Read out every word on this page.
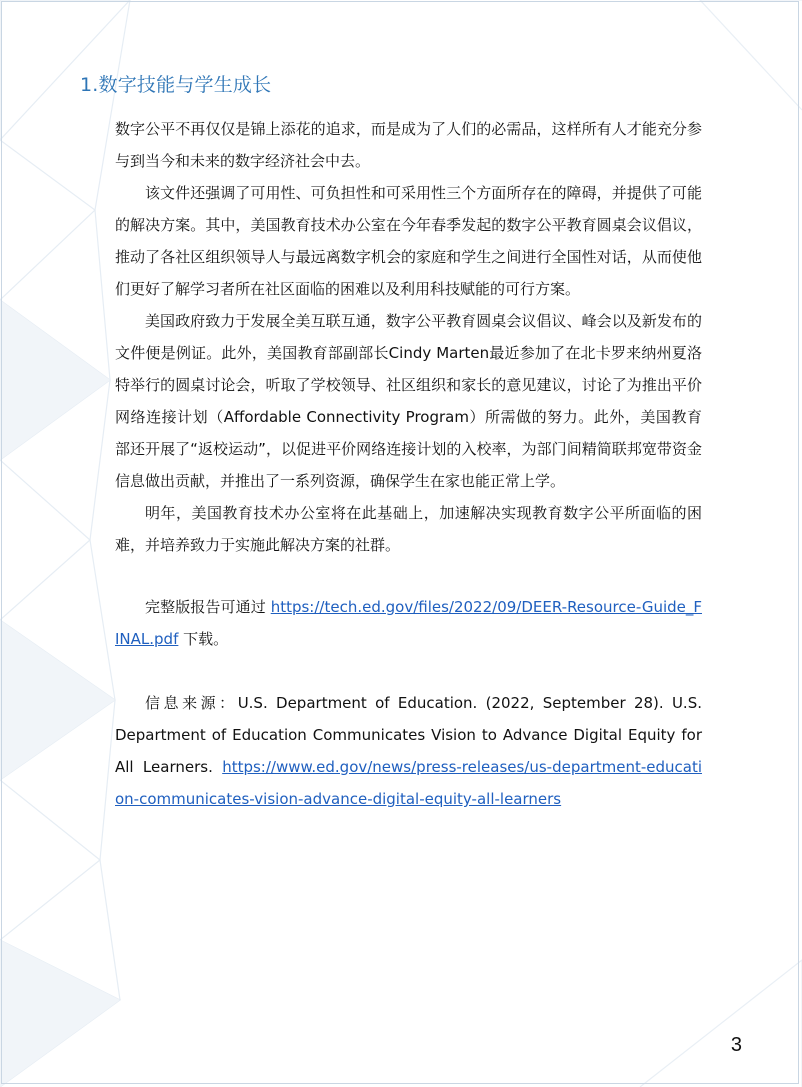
1.数字技能与学生成长

数字公平不再仅仅是锦上添花的追求，而是成为了人们的必需品，这样所有人才能充分参与到当今和未来的数字经济社会中去。

该文件还强调了可用性、可负担性和可采用性三个方面所存在的障碍，并提供了可能的解决方案。其中，美国教育技术办公室在今年春季发起的数字公平教育圆桌会议倡议，推动了各社区组织领导人与最远离数字机会的家庭和学生之间进行全国性对话，从而使他们更好了解学习者所在社区面临的困难以及利用科技赋能的可行方案。

美国政府致力于发展全美互联互通，数字公平教育圆桌会议倡议、峰会以及新发布的文件便是例证。此外，美国教育部副部长Cindy Marten最近参加了在北卡罗来纳州夏洛特举行的圆桌讨论会，听取了学校领导、社区组织和家长的意见建议，讨论了为推出平价网络连接计划（Affordable Connectivity Program）所需做的努力。此外，美国教育部还开展了“返校运动”，以促进平价网络连接计划的入校率，为部门间精简联邦宽带资金信息做出贡献，并推出了一系列资源，确保学生在家也能正常上学。

明年，美国教育技术办公室将在此基础上，加速解决实现教育数字公平所面临的困难，并培养致力于实施此解决方案的社群。

完整版报告可通过 https://tech.ed.gov/files/2022/09/DEER-Resource-Guide_FINAL.pdf 下载。

信息来源：U.S. Department of Education. (2022, September 28). U.S. Department of Education Communicates Vision to Advance Digital Equity for All Learners. https://www.ed.gov/news/press-releases/us-department-education-communicates-vision-advance-digital-equity-all-learners

3
